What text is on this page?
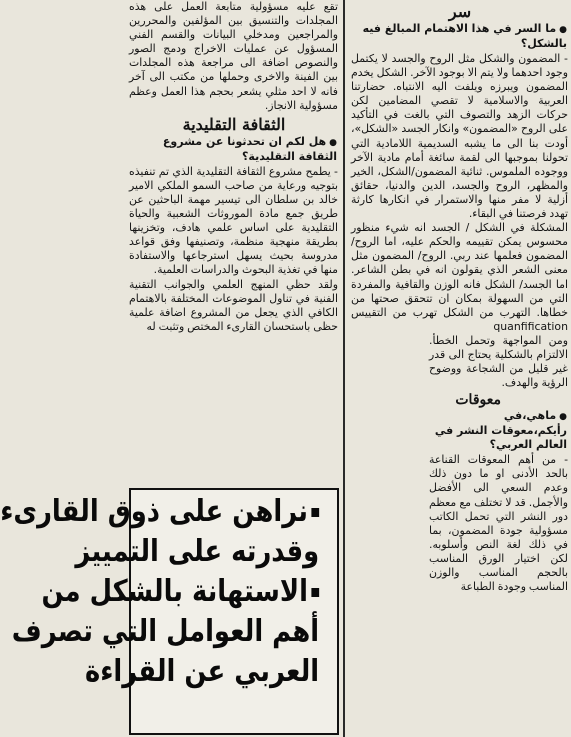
سر
●ما السر في هذا الاهتمام المبالغ فيه بالشكل؟

- المضمون والشكل مثل الروح والجسد لا يكتمل وجود احدهما ولا يتم الا بوجود الآخر. الشكل يخدم المضمون ويبرزه ويلفت اليه الانتباه. حضارتنا العربية والاسلامية لا تقصي المضامين لكن حركات الزهد والتصوف التي بالغت في التأكيد على الروح «المضمون» وانكار الجسد «الشكل»، أودت بنا الى ما يشبه السديمية اللامادية التي تحولنا بموجبها الى لقمة سائغة أمام مادية الآخر ووجوده الملموس. ثنائية المضمون/الشكل، الخير والمظهر، الروح والجسد، الدين والدنيا، حقائق أزلية لا مفر منها والاستمرار في انكارها كارثة تهدد فرصتنا في البقاء.

المشكلة في الشكل / الجسد انه شيء منظور محسوس يمكن تقييمه والحكم عليه، اما الروح/ المضمون فعلمها عند ربي. الروح/ المضمون مثل معنى الشعر الذي يقولون انه في بطن الشاعر. اما الجسد/ الشكل فانه الوزن والقافية والمفردة التي من السهولة بمكان ان تتحقق صحتها من خطاها. التهرب من الشكل تهرب من التقييس quanfification

ومن المواجهة وتحمل الخطأ. الالتزام بالشكلية يحتاج الى قدر غير قليل من الشجاعة ووضوح الرؤية والهدف.

معوقات
●ماهي،في رأيكم،معوقات النشر في العالم العربي؟

- من أهم المعوقات القناعة بالحد الأدنى او ما دون ذلك وعدم السعي الى الأفضل والأجمل. قد لا تختلف مع معظم دور النشر التي تحمل الكاتب مسؤولية جودة المضمون، بما في ذلك لغة النص وأسلوبه. لكن اختيار الورق المناسب بالحجم المناسب والوزن المناسب وجودة الطباعة

تقع عليه مسؤولية متابعة العمل على هذه المجلدات والتنسيق بين المؤلفين والمحررين والمراجعين ومدخلي البيانات والقسم الفني المسؤول عن عمليات الاخراج ودمج الصور والنصوص اضافة الى مراجعة هذه المجلدات بين الفينة والاخرى وحملها من مكتب الى آخر فانه لا احد مثلي يشعر بحجم هذا العمل وعظم مسؤولية الانجاز.

الثقافة التقليدية
●هل لكم ان تحدثونا عن مشروع الثقافة التقليدية؟

- يطمح مشروع الثقافة التقليدية الذي تم تنفيذه بتوجيه ورعاية من صاحب السمو الملكي الامير خالد بن سلطان الى تيسير مهمة الباحثين عن طريق جمع مادة الموروثات الشعبية والحياة التقليدية على اساس علمي هادف، وتخزينها بطريقة منهجية منظمة، وتصنيفها وفق قواعد مدروسة بحيث يسهل استرجاعها والاستفادة منها في تغذية البحوث والدراسات العلمية.

ولقد حظي المنهج العلمي والجوانب التقنية الفنية في تناول الموضوعات المختلفة بالاهتمام الكافي الذي يجعل من المشروع اضافة علمية حظى باستحسان القارىء المختص وتثبت له

نراهن على ذوق القارىء
وقدرته على التمييز
الاستهانة بالشكل من
أهم العوامل التي تصرف
العربي عن القراءة
